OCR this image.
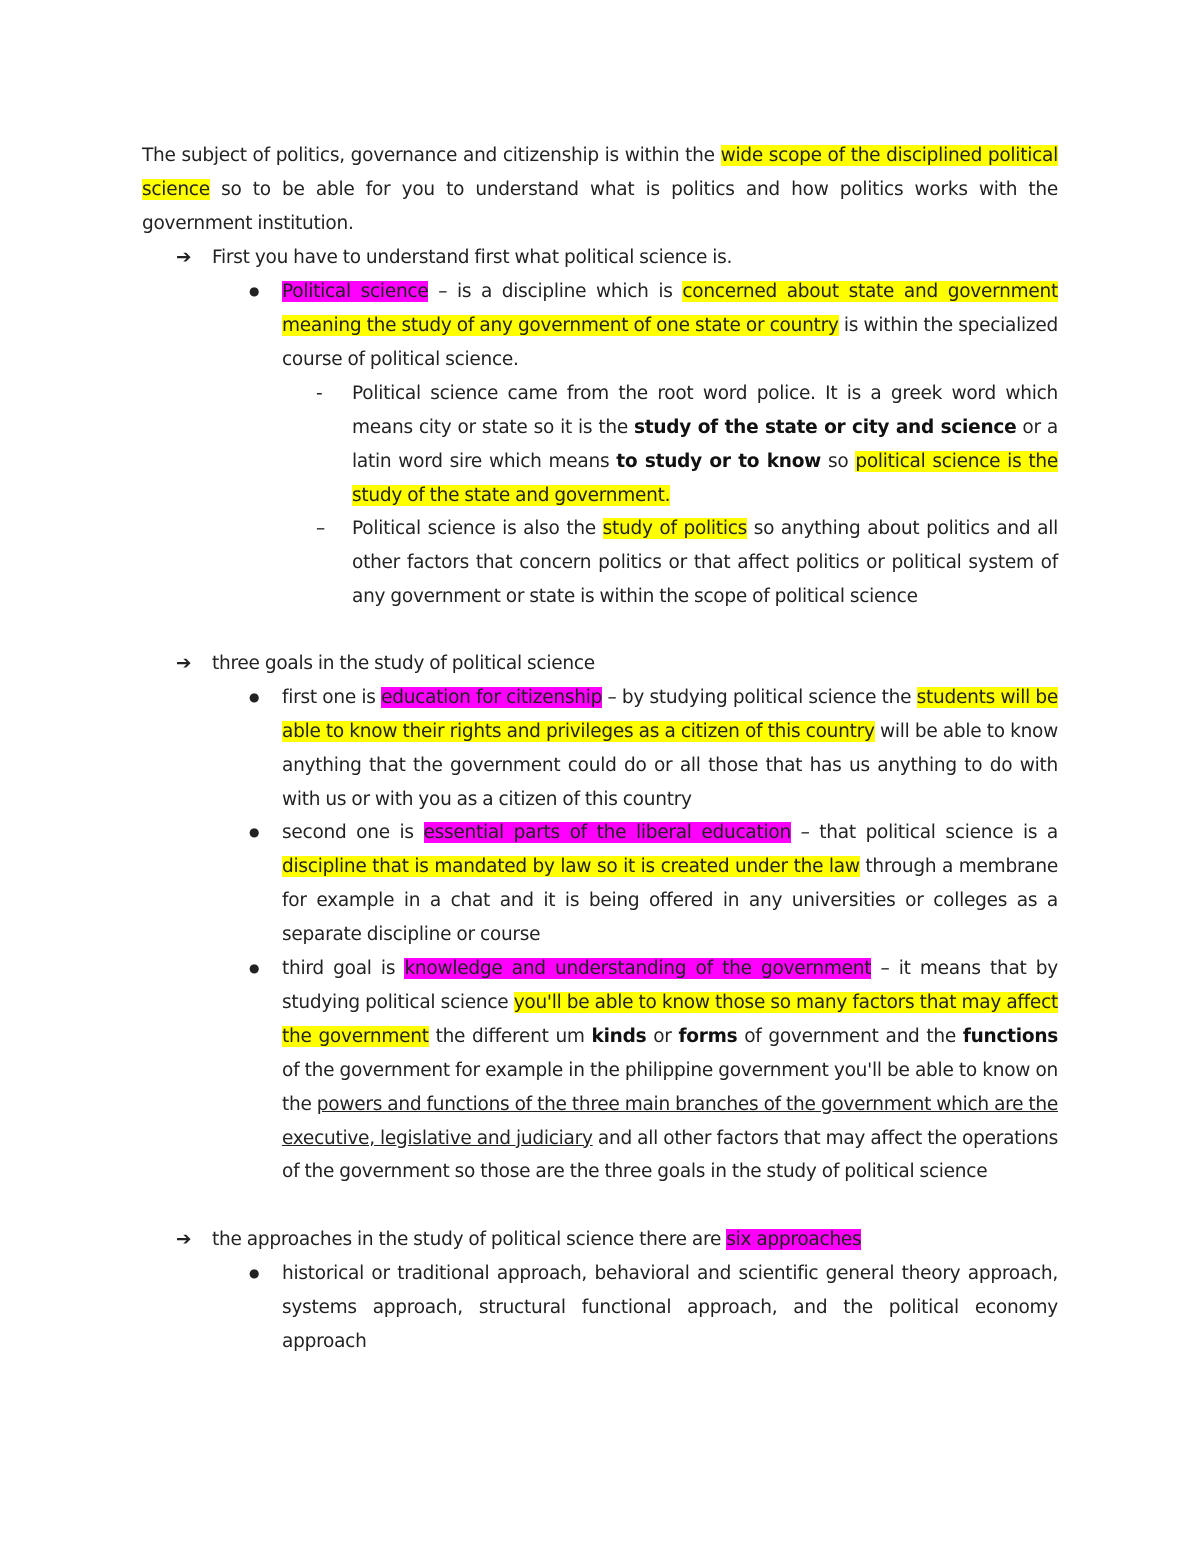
The subject of politics, governance and citizenship is within the wide scope of the disciplined political science so to be able for you to understand what is politics and how politics works with the government institution.

➔	First you have to understand first what political science is.
● Political science – is a discipline which is concerned about state and government meaning the study of any government of one state or country is within the specialized course of political science.
-	Political science came from the root word police. It is a greek word which means city or state so it is the study of the state or city and science or a latin word sire which means to study or to know so political science is the study of the state and government.
– Political science is also the study of politics so anything about politics and all other factors that concern politics or that affect politics or political system of any government or state is within the scope of political science
➔	three goals in the study of political science
● first one is education for citizenship – by studying political science the students will be able to know their rights and privileges as a citizen of this country will be able to know anything that the government could do or all those that has us anything to do with with us or with you as a citizen of this country
● second one is essential parts of the liberal education – that political science is a discipline that is mandated by law so it is created under the law through a membrane for example in a chat and it is being offered in any universities or colleges as a separate discipline or course
● third goal is knowledge and understanding of the government – it means that by studying political science you'll be able to know those so many factors that may affect the government the different um kinds or forms of government and the functions of the government for example in the philippine government you'll be able to know on the powers and functions of the three main branches of the government which are the executive, legislative and judiciary and all other factors that may affect the operations of the government so those are the three goals in the study of political science
➔	the approaches in the study of political science there are six approaches
● historical or traditional approach, behavioral and scientific general theory approach, systems approach, structural functional approach, and the political economy approach
